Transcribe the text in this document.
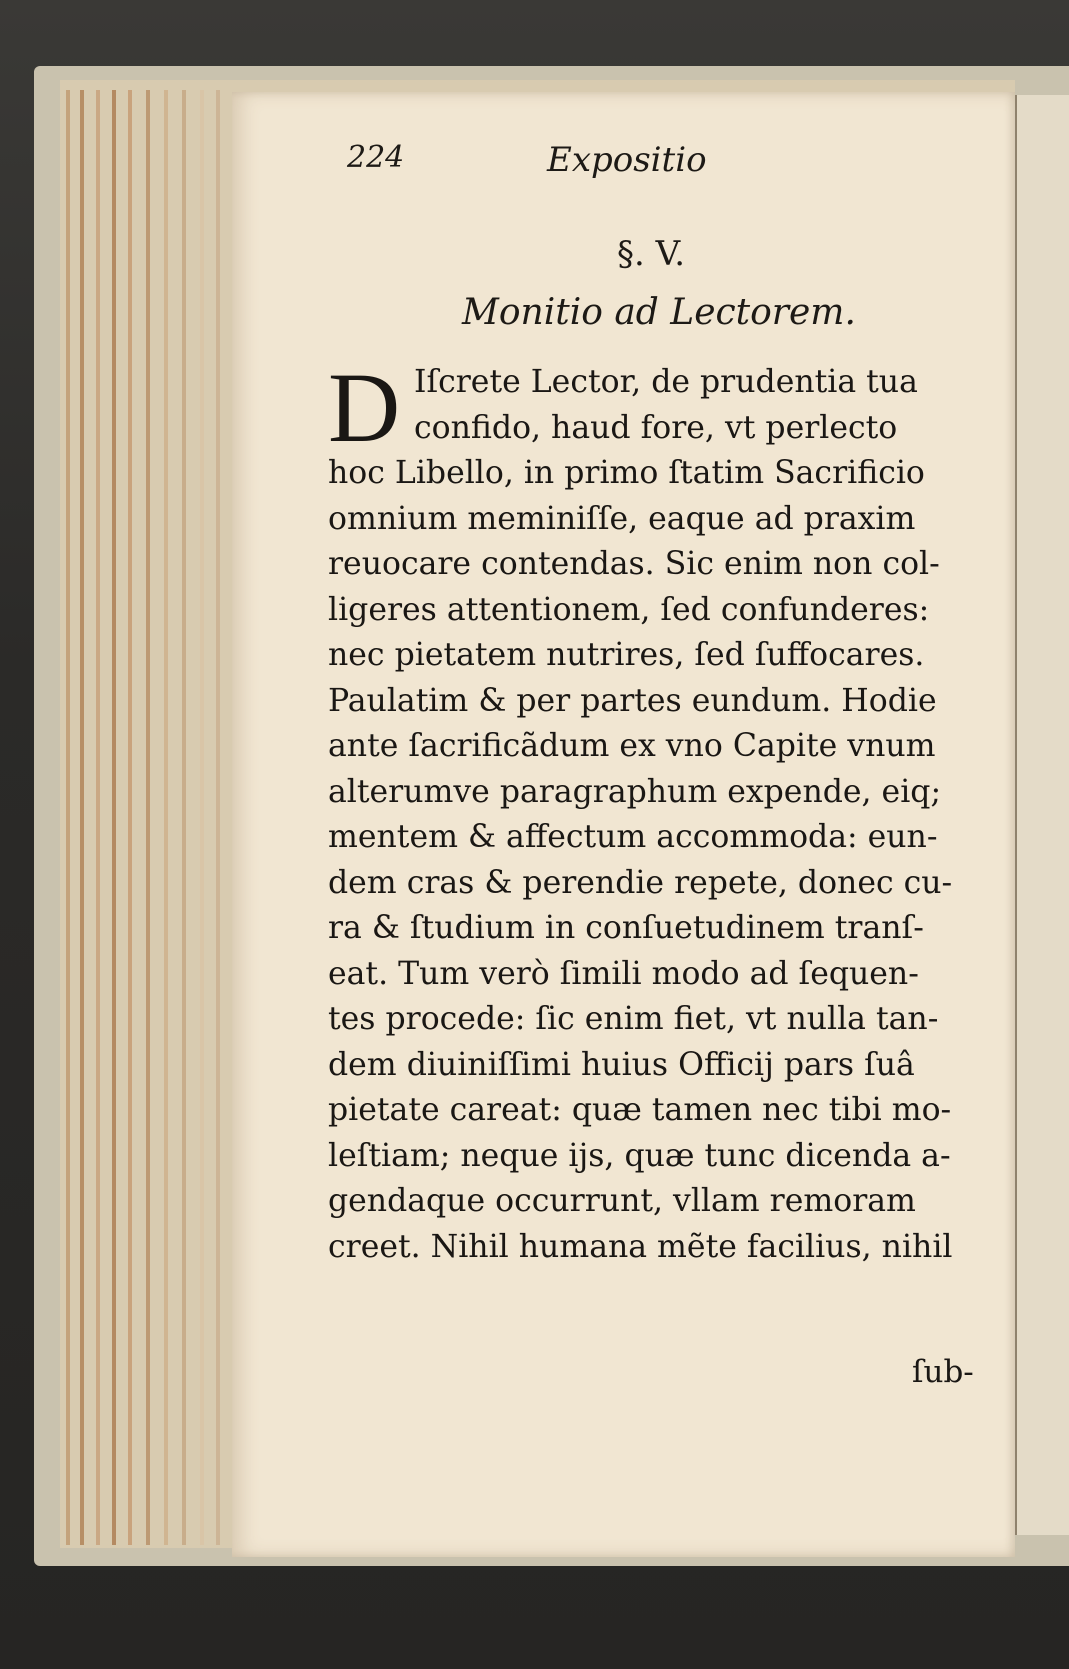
224	Expositio
§. V.
Monitio ad Lectorem.
D Iſcrete Lector, de prudentia tua
confido, haud fore, vt perlecto
hoc Libello, in primo ſtatim Sacrificio
omnium meminiſſe, eaque ad praxim
reuocare contendas. Sic enim non col-
ligeres attentionem, ſed confunderes:
nec pietatem nutrires, ſed ſuffocares.
Paulatim & per partes eundum. Hodie
ante ſacrificãdum ex vno Capite vnum
alterumve paragraphum expende, eiq;
mentem & affectum accommoda: eun-
dem cras & perendie repete, donec cu-
ra & ſtudium in conſuetudinem tranſ-
eat. Tum verò ſimili modo ad ſequen-
tes procede: ſic enim fiet, vt nulla tan-
dem diuiniſſimi huius Officij pars ſuâ
pietate careat: quæ tamen nec tibi mo-
leſtiam; neque ijs, quæ tunc dicenda a-
gendaque occurrunt, vllam remoram
creet. Nihil humana mẽte facilius, nihil
ſub-
